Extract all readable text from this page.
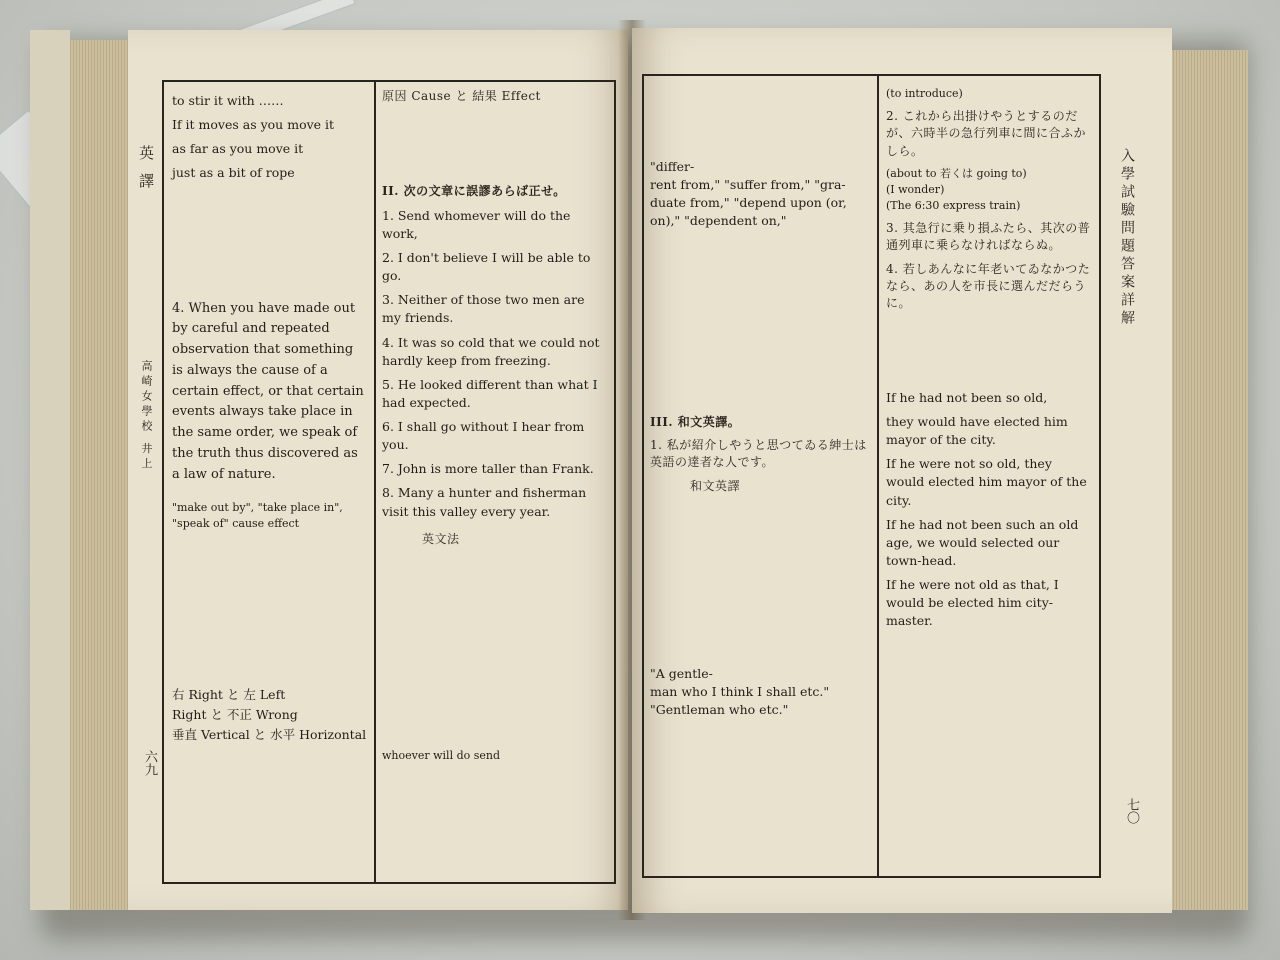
英 譯
高崎女學校 井上
六九
to stir it with ……
If it moves as you move it
as far as you move it
just as a bit of rope

4. When you have made out by careful and repeated observation that something is always the cause of a certain effect, or that certain events always take place in the same order, we speak of the truth thus discovered as a law of nature.

"make out by", "take place in", "speak of" cause effect

右 Right と 左 Left
Right と 不正 Wrong
垂直 Vertical と 水平 Horizontal
原因 Cause と 結果 Effect
II. 次の文章に誤謬あらば正せ。
1. Send whomever will do the work,
2. I don't believe I will be able to go.
3. Neither of those two men are my friends.
4. It was so cold that we could not hardly keep from freezing.
5. He looked different than what I had expected.
6. I shall go without I hear from you.
7. John is more taller than Frank.
8. Many a hunter and fisherman visit this valley every year.
英文法
whoever will do send
入學試驗問題答案詳解
七〇
"differ-
rent from," "suffer from," "gra-
duate from," "depend upon (or,
on)," "dependent on,"
III. 和文英譯。
1. 私が紹介しやうと思つてゐる紳士は英語の達者な人です。
和文英譯
"A gentle-
man who I think I shall etc."
"Gentleman who etc."
(to introduce)
2. これから出掛けやうとするのだが、六時半の急行列車に間に合ふかしら。
(about to 若くは going to)
(I wonder)
(The 6:30 express train)
3. 其急行に乗り損ふたら、其次の普通列車に乗らなければならぬ。
4. 若しあんなに年老いてゐなかつたなら、あの人を市長に選んだだらうに。
If he had not been so old,
they would have elected him mayor of the city.
If he were not so old, they would elected him mayor of the city.
If he had not been such an old age, we would selected our town-head.
If he were not old as that, I would be elected him city-master.
